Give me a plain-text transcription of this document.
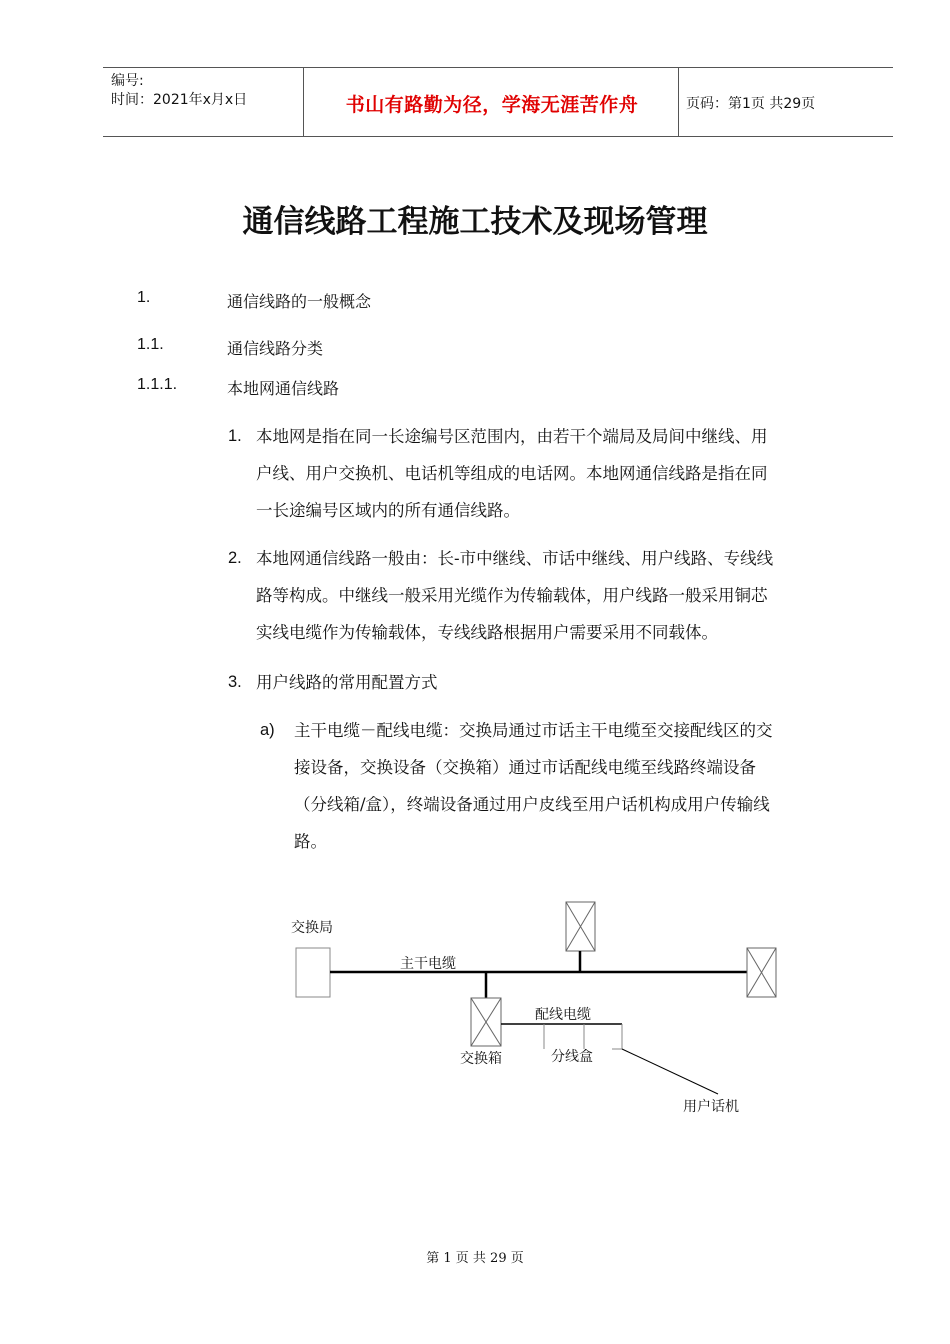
编号:
时间：2021年x月x日	书山有路勤为径，学海无涯苦作舟	页码：第1页 共29页
通信线路工程施工技术及现场管理
1.	通信线路的一般概念
1.1.	通信线路分类
1.1.1.	本地网通信线路
1. 本地网是指在同一长途编号区范围内，由若干个端局及局间中继线、用
户线、用户交换机、电话机等组成的电话网。本地网通信线路是指在同
一长途编号区域内的所有通信线路。
2. 本地网通信线路一般由：长-市中继线、市话中继线、用户线路、专线线
路等构成。中继线一般采用光缆作为传输载体，用户线路一般采用铜芯
实线电缆作为传输载体，专线线路根据用户需要采用不同载体。
3. 用户线路的常用配置方式
a) 主干电缆－配线电缆：交换局通过市话主干电缆至交接配线区的交
接设备，交换设备（交换箱）通过市话配线电缆至线路终端设备
（分线箱/盒），终端设备通过用户皮线至用户话机构成用户传输线
路。
交换局
主干电缆
配线电缆
交换箱	分线盒
用户话机
第 1 页 共 29 页
